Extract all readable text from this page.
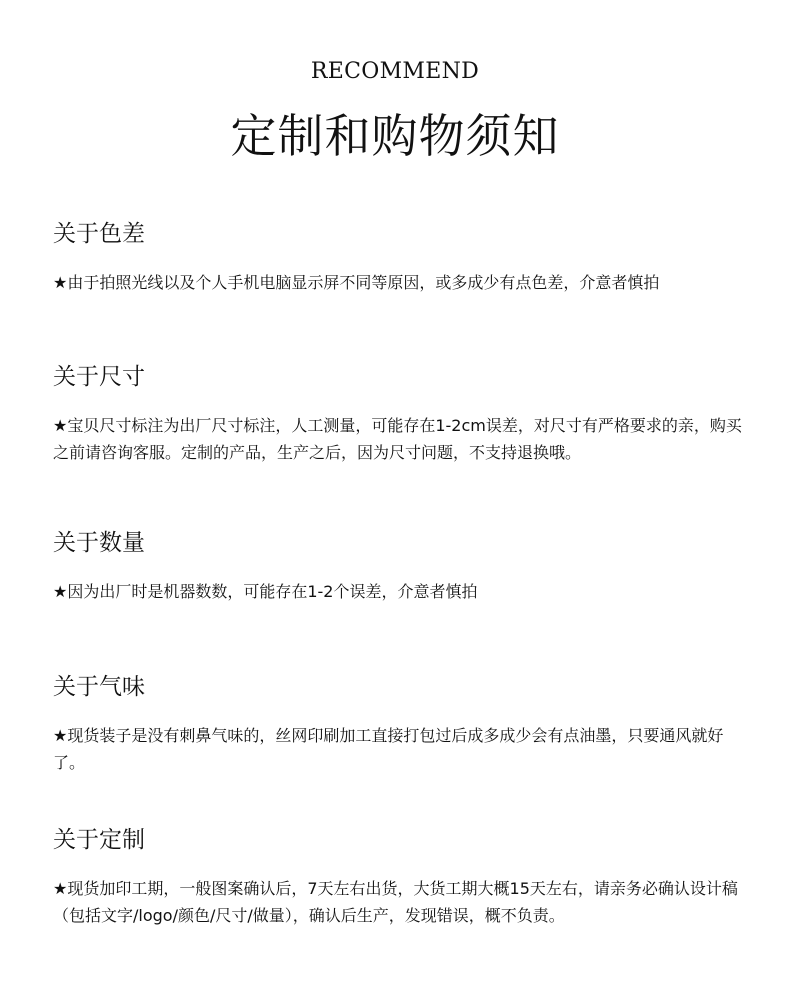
RECOMMEND
定制和购物须知
关于色差
★由于拍照光线以及个人手机电脑显示屏不同等原因，或多成少有点色差，介意者慎拍
关于尺寸
★宝贝尺寸标注为出厂尺寸标注，人工测量，可能存在1-2cm误差，对尺寸有严格要求的亲，购买之前请咨询客服。定制的产品，生产之后，因为尺寸问题，不支持退换哦。
关于数量
★因为出厂时是机器数数，可能存在1-2个误差，介意者慎拍
关于气味
★现货装子是没有刺鼻气味的，丝网印刷加工直接打包过后成多成少会有点油墨，只要通风就好了。
关于定制
★现货加印工期，一般图案确认后，7天左右出货，大货工期大概15天左右，请亲务必确认设计稿（包括文字/logo/颜色/尺寸/做量），确认后生产，发现错误，概不负责。
